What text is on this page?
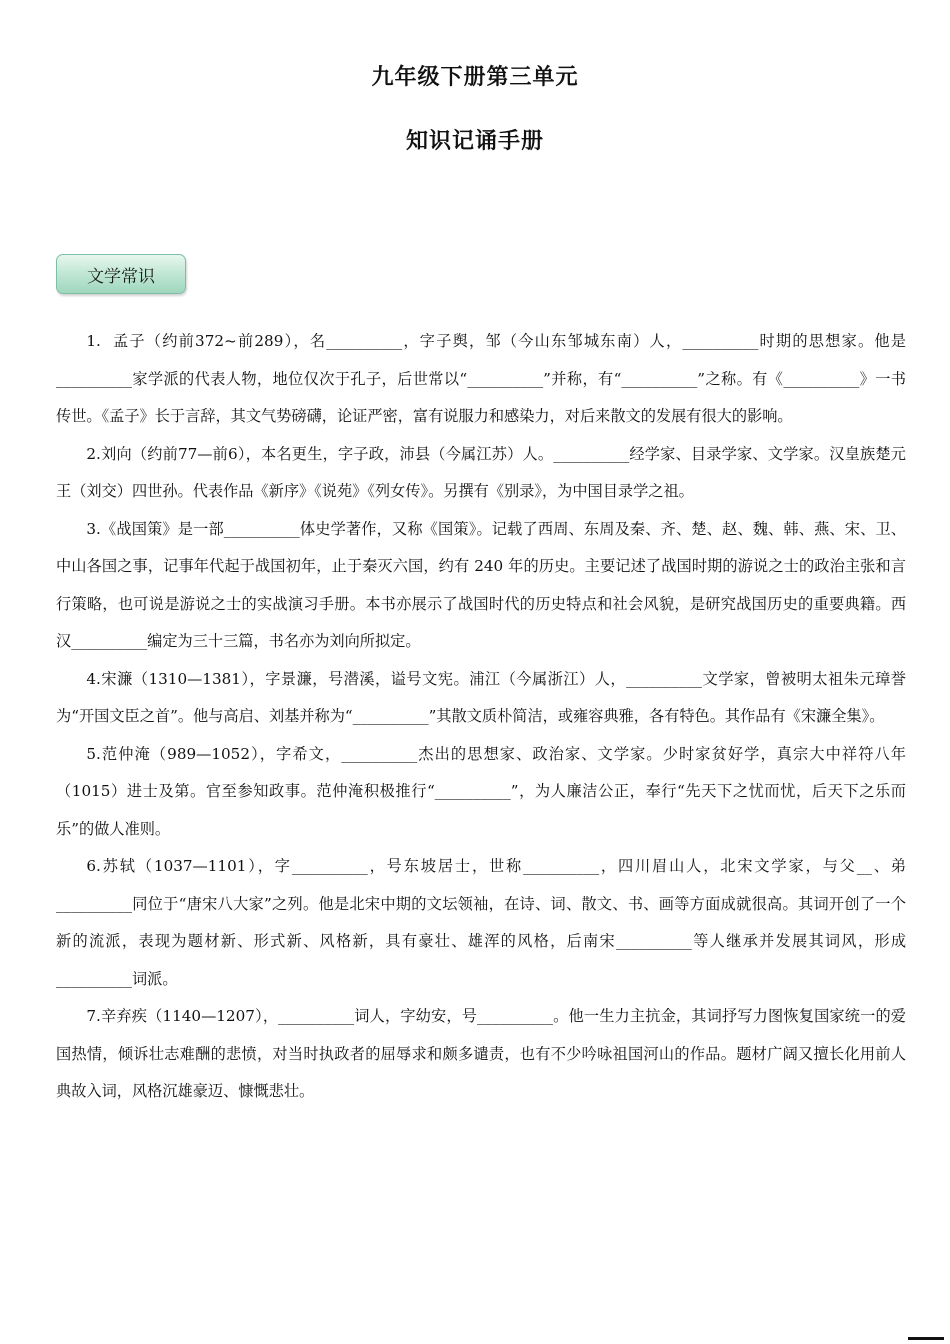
九年级下册第三单元
知识记诵手册
文学常识

1.  孟子（约前372~前289），名__________，字子舆，邹（今山东邹城东南）人，__________时期的思想家。他是__________家学派的代表人物，地位仅次于孔子，后世常以“__________”并称，有“__________”之称。有《__________》一书传世。《孟子》长于言辞，其文气势磅礴，论证严密，富有说服力和感染力，对后来散文的发展有很大的影响。

2.刘向（约前77—前6），本名更生，字子政，沛县（今属江苏）人。__________经学家、目录学家、文学家。汉皇族楚元王（刘交）四世孙。代表作品《新序》《说苑》《列女传》。另撰有《别录》，为中国目录学之祖。

3.《战国策》是一部__________体史学著作，又称《国策》。记载了西周、东周及秦、齐、楚、赵、魏、韩、燕、宋、卫、中山各国之事，记事年代起于战国初年，止于秦灭六国，约有 240 年的历史。主要记述了战国时期的游说之士的政治主张和言行策略，也可说是游说之士的实战演习手册。本书亦展示了战国时代的历史特点和社会风貌，是研究战国历史的重要典籍。西汉__________编定为三十三篇，书名亦为刘向所拟定。

4.宋濂（1310—1381），字景濂，号潜溪，谥号文宪。浦江（今属浙江）人，__________文学家，曾被明太祖朱元璋誉为“开国文臣之首”。他与高启、刘基并称为“__________”其散文质朴简洁，或雍容典雅，各有特色。其作品有《宋濂全集》。

5.范仲淹（989—1052），字希文，__________杰出的思想家、政治家、文学家。少时家贫好学，真宗大中祥符八年（1015）进士及第。官至参知政事。范仲淹积极推行“__________”，为人廉洁公正，奉行“先天下之忧而忧，后天下之乐而乐”的做人准则。

6.苏轼（1037—1101），字__________，号东坡居士，世称__________，四川眉山人，北宋文学家，与父__、弟__________同位于“唐宋八大家”之列。他是北宋中期的文坛领袖，在诗、词、散文、书、画等方面成就很高。其词开创了一个新的流派，表现为题材新、形式新、风格新，具有豪壮、雄浑的风格，后南宋__________等人继承并发展其词风，形成__________词派。

7.辛弃疾（1140—1207），__________词人，字幼安，号__________。他一生力主抗金，其词抒写力图恢复国家统一的爱国热情，倾诉壮志难酬的悲愤，对当时执政者的屈辱求和颇多谴责，也有不少吟咏祖国河山的作品。题材广阔又擅长化用前人典故入词，风格沉雄豪迈、慷慨悲壮。
